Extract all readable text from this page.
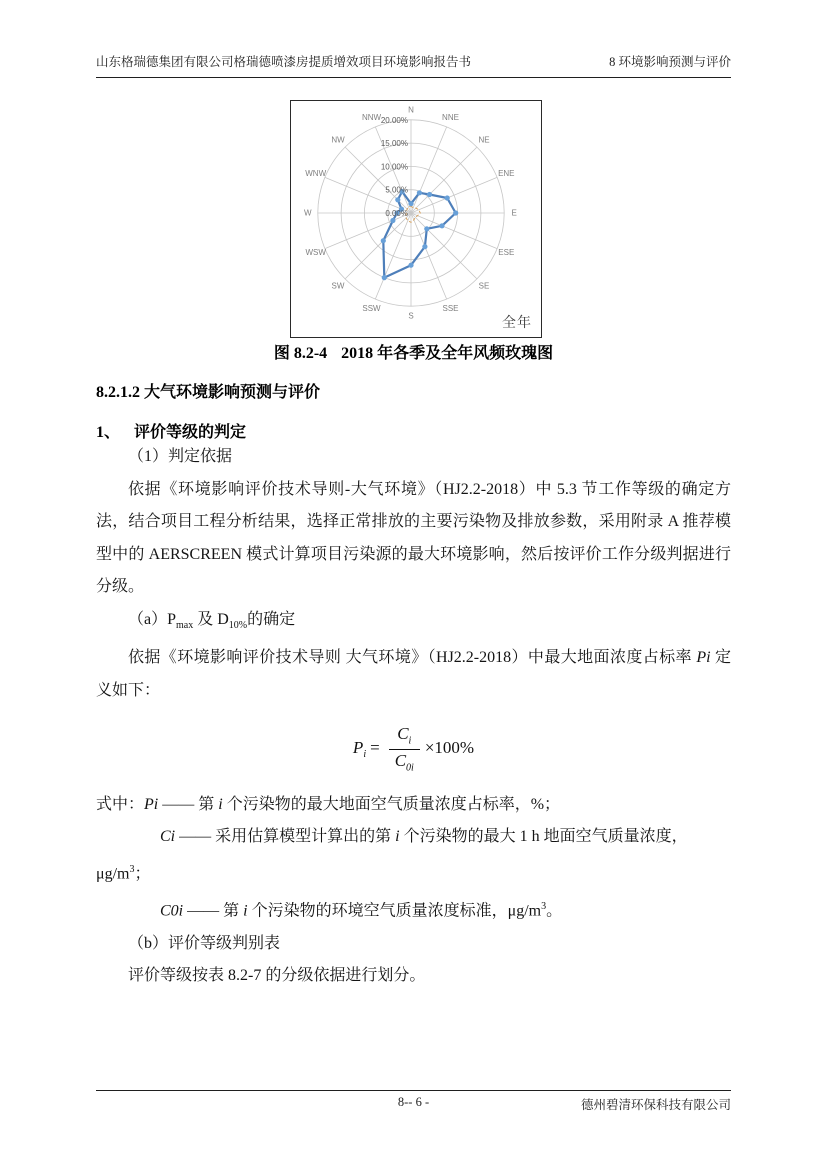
山东格瑞德集团有限公司格瑞德喷漆房提质增效项目环境影响报告书	8 环境影响预测与评价
0.00%
5.00%
10.00%
15.00%
20.00%
N
NNE
NE
ENE
E
ESE
SE
SSE
S
SSW
SW
WSW
W
WNW
NW
NNW
全年
图 8.2-4 2018 年各季及全年风频玫瑰图
8.2.1.2 大气环境影响预测与评价
1、 评价等级的判定

（1）判定依据

依据《环境影响评价技术导则-大气环境》（HJ2.2-2018）中 5.3 节工作等级的确定方法，结合项目工程分析结果，选择正常排放的主要污染物及排放参数，采用附录 A 推荐模型中的 AERSCREEN 模式计算项目污染源的最大环境影响，然后按评价工作分级判据进行分级。

$(a)P_{max}$ 及 $D_{10\%}$的确定

依据《环境影响评价技术导则 大气环境》（HJ2.2-2018）中最大地面浓度占标率 Pi 定义如下：

$P_i = \frac{C_i}{C_{0i}} \times 100\%$

式中：Pi —— 第 i 个污染物的最大地面空气质量浓度占标率，%；

Ci —— 采用估算模型计算出的第 i 个污染物的最大 1 h 地面空气质量浓度，

$\mu g/m^3$；

C0i —— 第 i 个污染物的环境空气质量浓度标准，$\mu g/m^3$。

（b）评价等级判别表

评价等级按表 8.2-7 的分级依据进行划分。

8-- 6 -	德州碧清环保科技有限公司
